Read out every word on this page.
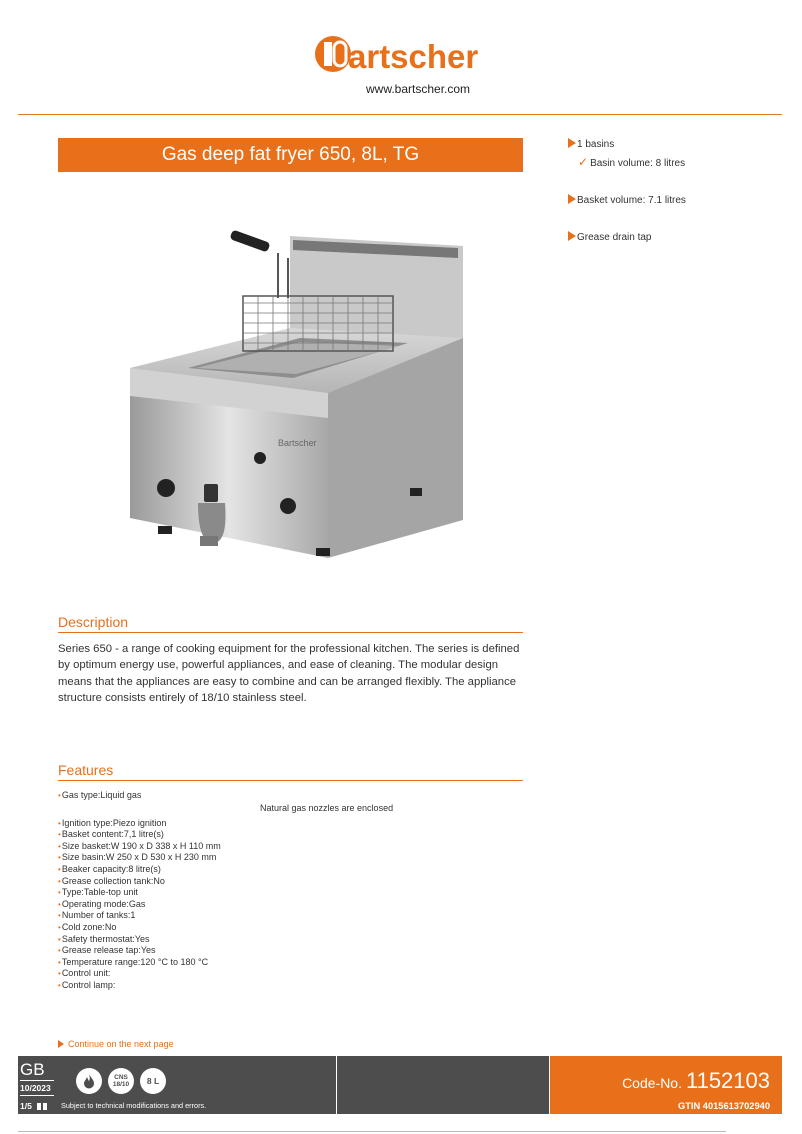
artscher
www.bartscher.com
Gas deep fat fryer 650, 8L, TG	1 basins
✓ Basin volume: 8 litres
Basket volume: 7.1 litres
Grease drain tap
Bartscher
Description
Series 650 - a range of cooking equipment for the professional kitchen. The series is defined by optimum energy use, powerful appliances, and ease of cleaning. The modular design means that the appliances are easy to combine and can be arranged flexibly. The appliance structure consists entirely of 18/10 stainless steel.
Features
•Gas type:Liquid gas
•Ignition type:Piezo ignition
•Basket content:7,1 litre(s)
•Size basket:W 190 x D 338 x H 110 mm
•Size basin:W 250 x D 530 x H 230 mm
•Beaker capacity:8 litre(s)
•Grease collection tank:No
•Type:Table-top unit
•Operating mode:Gas
•Number of tanks:1
•Cold zone:No
•Safety thermostat:Yes
•Grease release tap:Yes
•Temperature range:120 °C to 180 °C
•Control unit:
•Control lamp:
Natural gas nozzles are enclosed
Continue on the next page
GB
10/2023
1/5
CNS
18/10	8 L
Subject to technical modifications and errors.
Code-No. 1152103
GTIN 4015613702940
